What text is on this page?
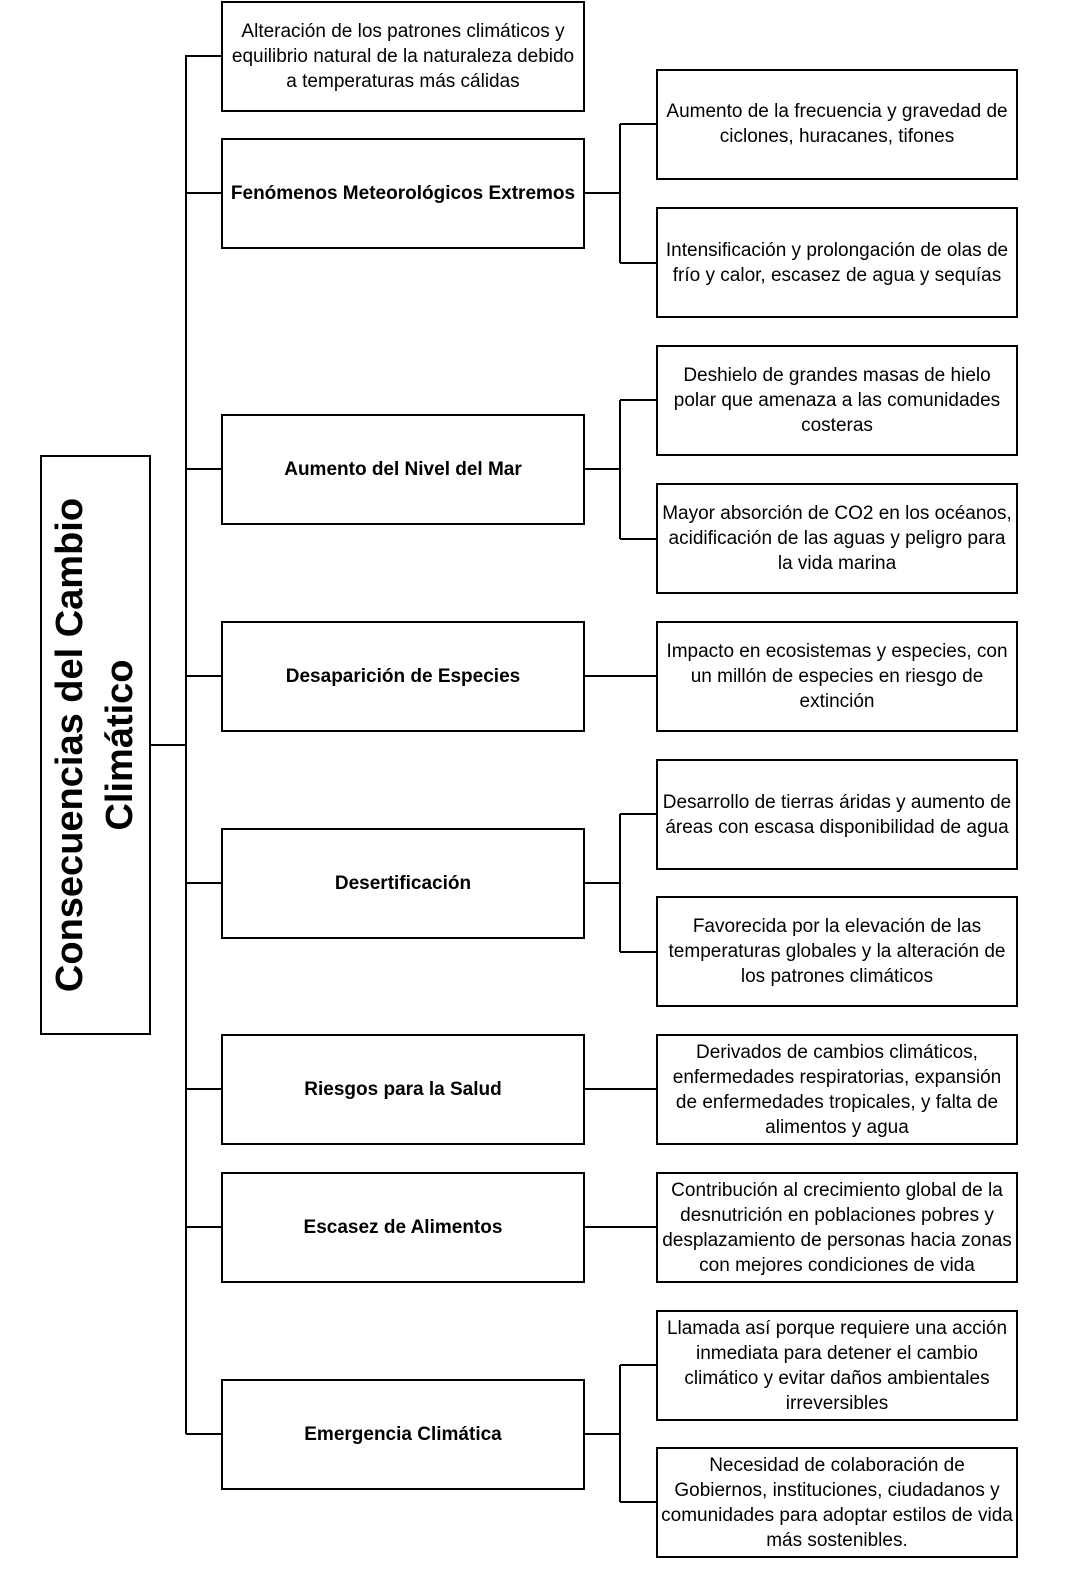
Consecuencias del Cambio Climático
Alteración de los patrones climáticos y equilibrio natural de la naturaleza debido a temperaturas más cálidas
Fenómenos Meteorológicos Extremos
Aumento del Nivel del Mar
Desaparición de Especies
Desertificación
Riesgos para la Salud
Escasez de Alimentos
Emergencia Climática
Aumento de la frecuencia y gravedad de ciclones, huracanes, tifones
Intensificación y prolongación de olas de frío y calor, escasez de agua y sequías
Deshielo de grandes masas de hielo polar que amenaza a las comunidades costeras
Mayor absorción de CO2 en los océanos, acidificación de las aguas y peligro para la vida marina
Impacto en ecosistemas y especies, con un millón de especies en riesgo de extinción
Desarrollo de tierras áridas y aumento de áreas con escasa disponibilidad de agua
Favorecida por la elevación de las temperaturas globales y la alteración de los patrones climáticos
Derivados de cambios climáticos, enfermedades respiratorias, expansión de enfermedades tropicales, y falta de alimentos y agua
Contribución al crecimiento global de la desnutrición en poblaciones pobres y desplazamiento de personas hacia zonas con mejores condiciones de vida
Llamada así porque requiere una acción inmediata para detener el cambio climático y evitar daños ambientales irreversibles
Necesidad de colaboración de Gobiernos, instituciones, ciudadanos y comunidades para adoptar estilos de vida más sostenibles.
